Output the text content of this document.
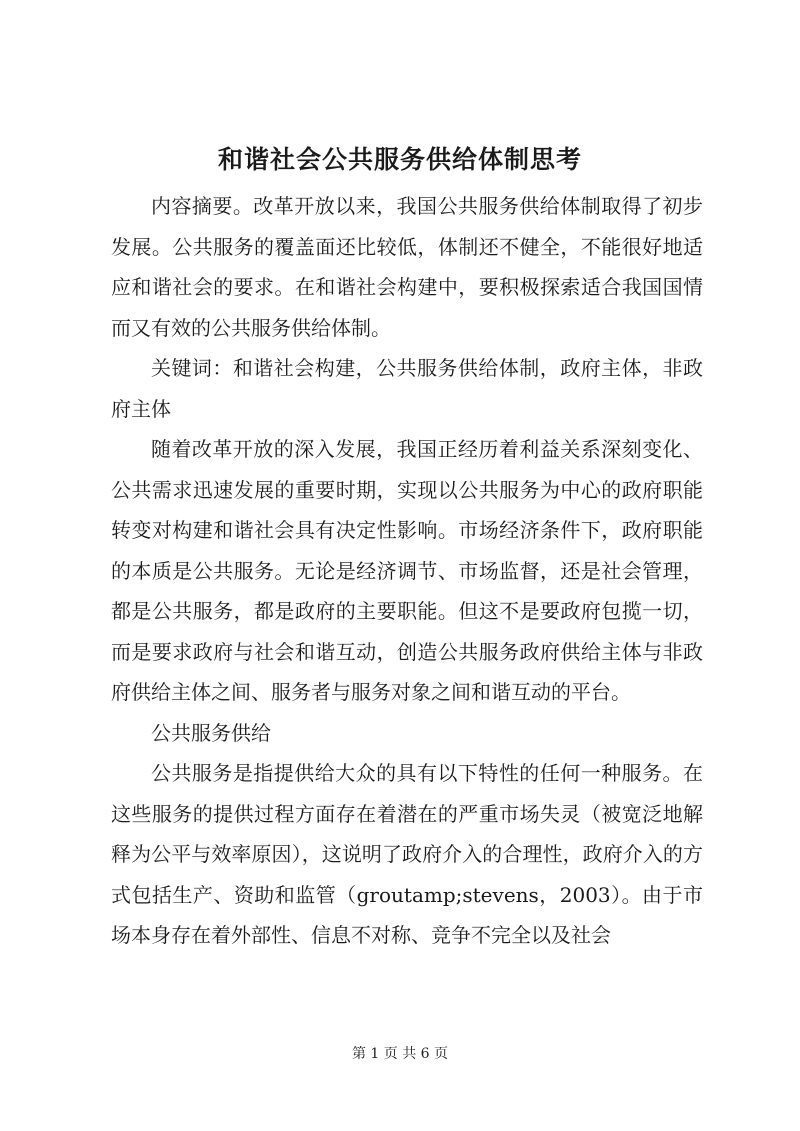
和谐社会公共服务供给体制思考

内容摘要。改革开放以来，我国公共服务供给体制取得了初步发展。公共服务的覆盖面还比较低，体制还不健全，不能很好地适应和谐社会的要求。在和谐社会构建中，要积极探索适合我国国情而又有效的公共服务供给体制。

关键词：和谐社会构建，公共服务供给体制，政府主体，非政府主体

随着改革开放的深入发展，我国正经历着利益关系深刻变化、公共需求迅速发展的重要时期，实现以公共服务为中心的政府职能转变对构建和谐社会具有决定性影响。市场经济条件下，政府职能的本质是公共服务。无论是经济调节、市场监督，还是社会管理，都是公共服务，都是政府的主要职能。但这不是要政府包揽一切，而是要求政府与社会和谐互动，创造公共服务政府供给主体与非政府供给主体之间、服务者与服务对象之间和谐互动的平台。

公共服务供给

公共服务是指提供给大众的具有以下特性的任何一种服务。在这些服务的提供过程方面存在着潜在的严重市场失灵（被宽泛地解释为公平与效率原因），这说明了政府介入的合理性，政府介入的方式包括生产、资助和监管（groutamp;stevens，2003）。由于市场本身存在着外部性、信息不对称、竞争不完全以及社会

第 1 页 共 6 页
